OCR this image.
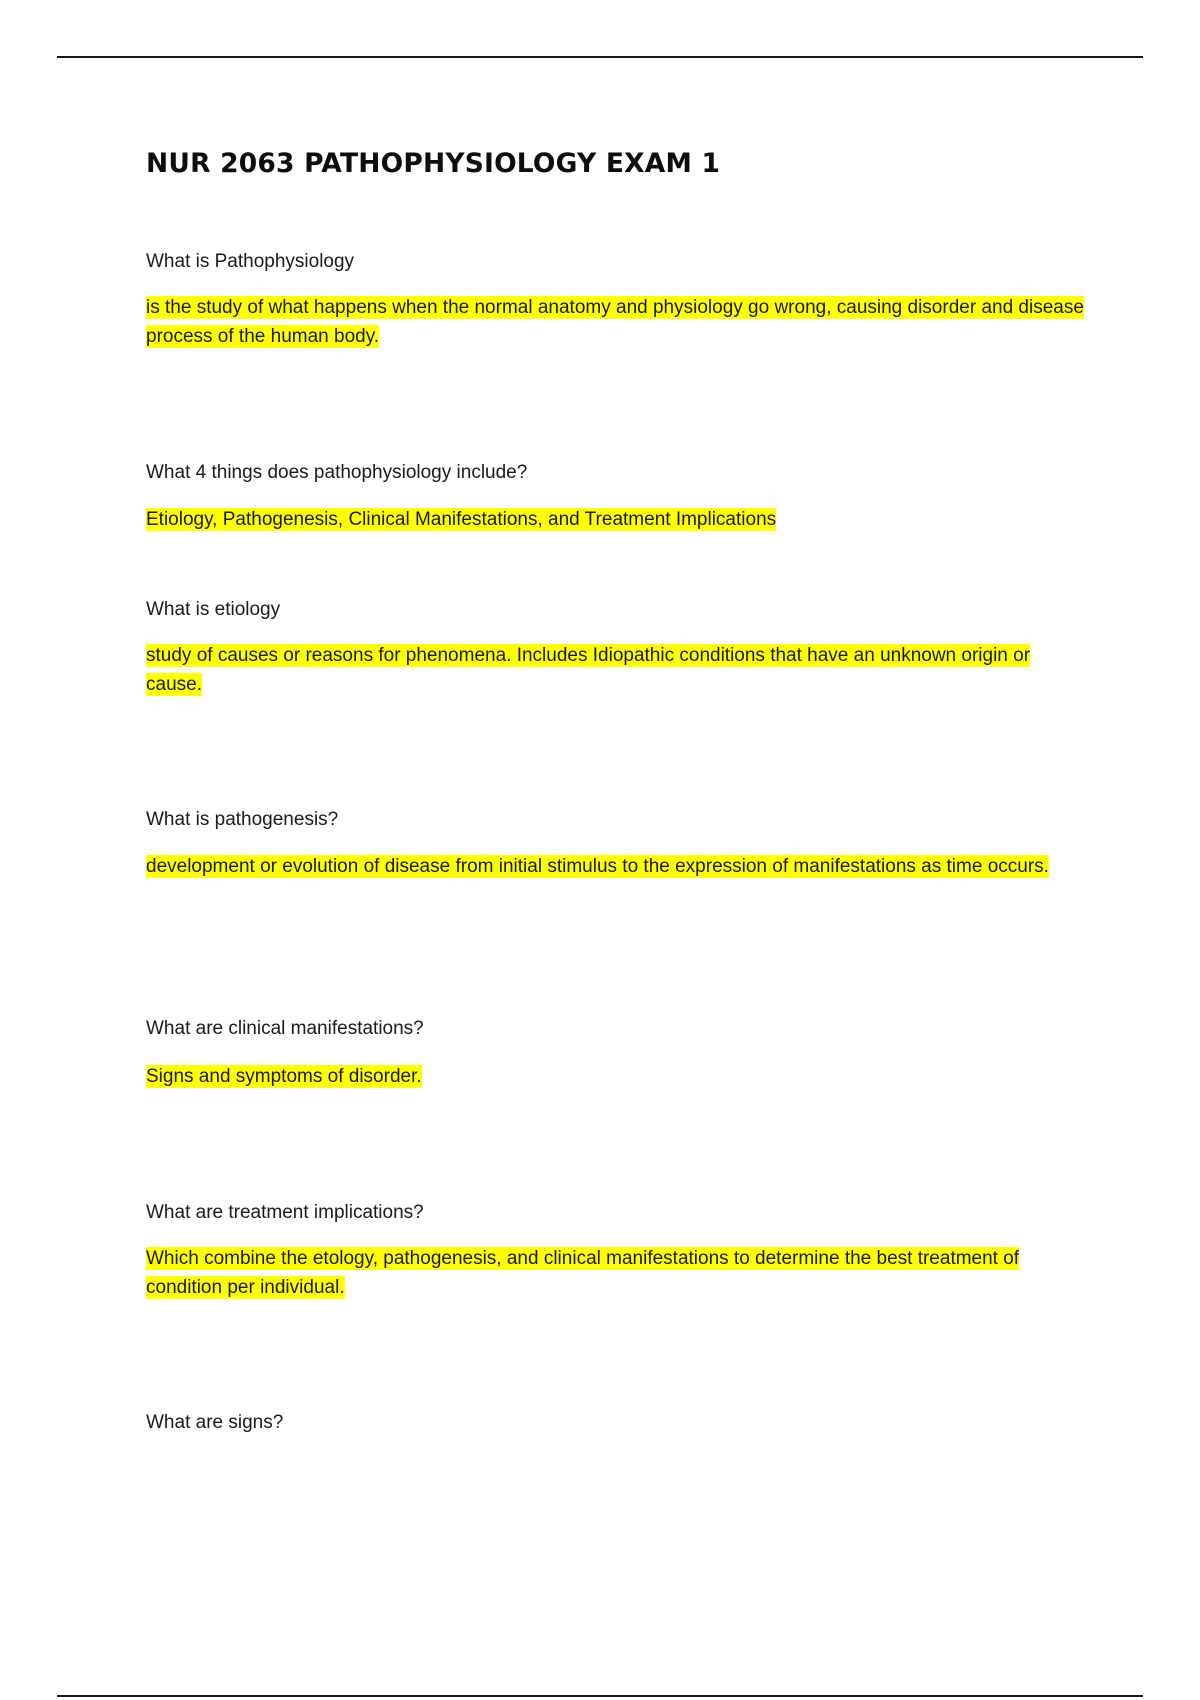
NUR 2063 PATHOPHYSIOLOGY EXAM 1

What is Pathophysiology

is the study of what happens when the normal anatomy and physiology go wrong, causing disorder and disease process of the human body.

What 4 things does pathophysiology include?

Etiology, Pathogenesis, Clinical Manifestations, and Treatment Implications

What is etiology

study of causes or reasons for phenomena. Includes Idiopathic conditions that have an unknown origin or cause.

What is pathogenesis?

development or evolution of disease from initial stimulus to the expression of manifestations as time occurs.

What are clinical manifestations?

Signs and symptoms of disorder.

What are treatment implications?

Which combine the etology, pathogenesis, and clinical manifestations to determine the best treatment of condition per individual.

What are signs?
